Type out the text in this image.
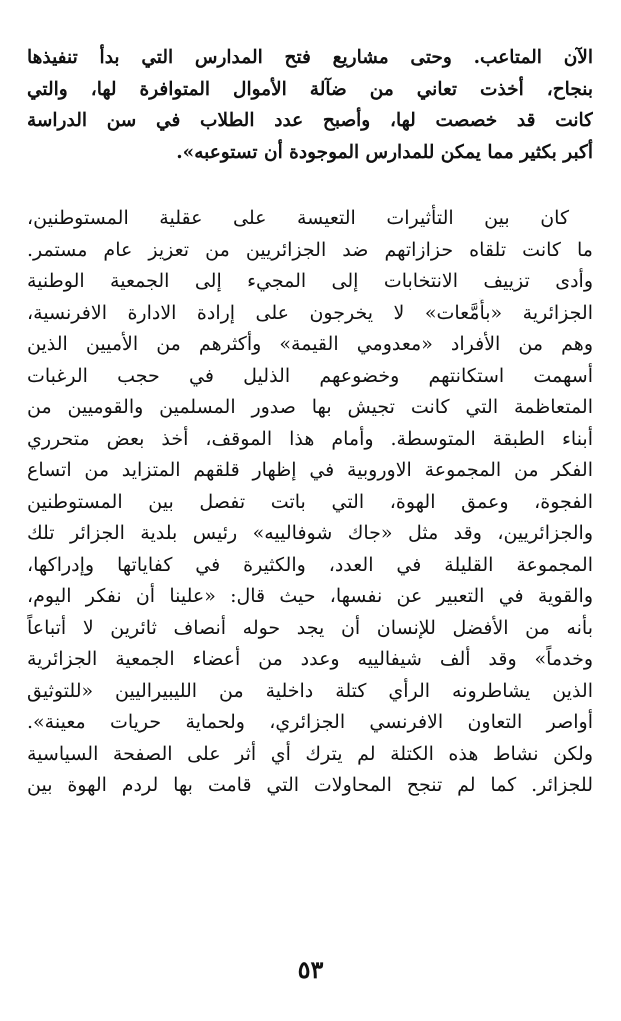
الآن المتاعب. وحتى مشاريع فتح المدارس التي بدأ تنفيذها
بنجاح، أخذت تعاني من ضآلة الأموال المتوافرة لها، والتي
كانت قد خصصت لها، وأصبح عدد الطلاب في سن الدراسة
أكبر بكثير مما يمكن للمدارس الموجودة أن تستوعبه».
كان بين التأثيرات التعيسة على عقلية المستوطنين،
ما كانت تلقاه حزازاتهم ضد الجزائريين من تعزيز عام مستمر.
وأدى تزييف الانتخابات إلى المجيء إلى الجمعية الوطنية
الجزائرية «بأُمَّعات» لا يخرجون على إرادة الادارة الافرنسية،
وهم من الأفراد «معدومي القيمة» وأكثرهم من الأميين الذين
أسهمت استكانتهم وخضوعهم الذليل في حجب الرغبات
المتعاظمة التي كانت تجيش بها صدور المسلمين والقوميين من
أبناء الطبقة المتوسطة. وأمام هذا الموقف، أخذ بعض متحرري
الفكر من المجموعة الاوروبية في إظهار قلقهم المتزايد من اتساع
الفجوة، وعمق الهوة، التي باتت تفصل بين المستوطنين
والجزائريين، وقد مثل «جاك شوفالييه» رئيس بلدية الجزائر تلك
المجموعة القليلة في العدد، والكثيرة في كفاياتها وإدراكها،
والقوية في التعبير عن نفسها، حيث قال: «علينا أن نفكر اليوم،
بأنه من الأفضل للإنسان أن يجد حوله أنصاف ثائرين لا أتباعاً
وخدماً» وقد ألف شيفالييه وعدد من أعضاء الجمعية الجزائرية
الذين يشاطرونه الرأي كتلة داخلية من الليبيراليين «للتوثيق
أواصر التعاون الافرنسي الجزائري، ولحماية حريات معينة».
ولكن نشاط هذه الكتلة لم يترك أي أثر على الصفحة السياسية
للجزائر. كما لم تنجح المحاولات التي قامت بها لردم الهوة بين
٥٣
